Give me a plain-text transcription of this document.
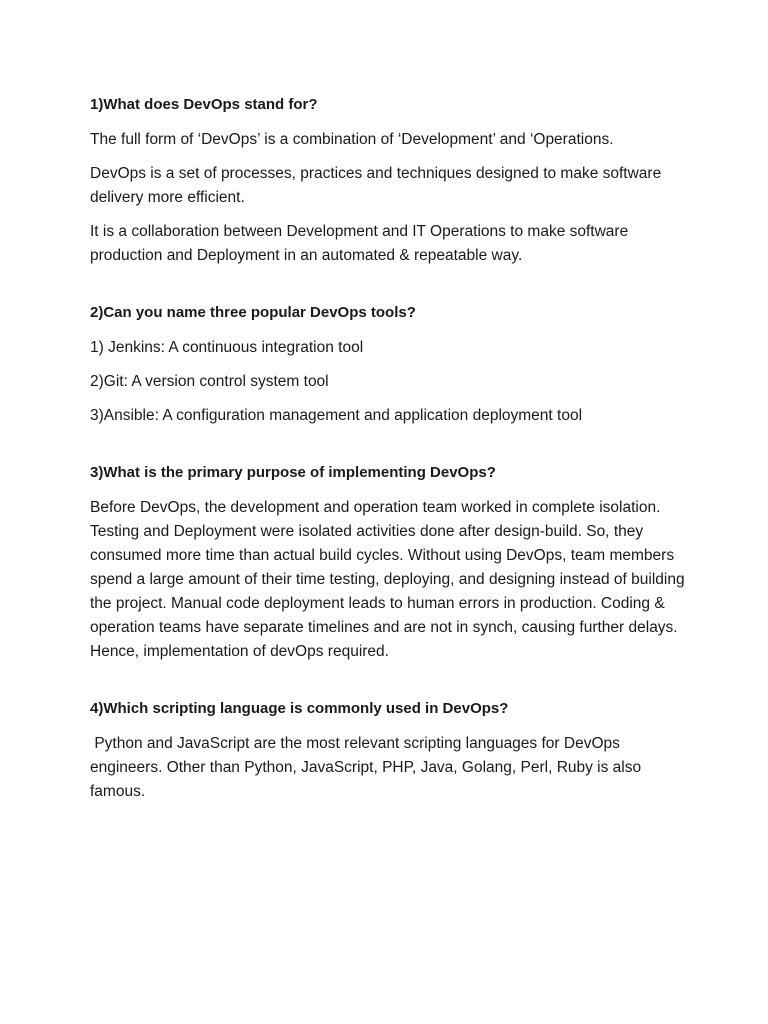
1)What does DevOps stand for?

The full form of ‘DevOps’ is a combination of ‘Development’ and ‘Operations.

DevOps is a set of processes, practices and techniques designed to make software delivery more efficient.

It is a collaboration between Development and IT Operations to make software production and Deployment in an automated & repeatable way.

2)Can you name three popular DevOps tools?
1) Jenkins: A continuous integration tool
2)Git: A version control system tool
3)Ansible: A configuration management and application deployment tool
3)What is the primary purpose of implementing DevOps?

Before DevOps, the development and operation team worked in complete isolation. Testing and Deployment were isolated activities done after design-build. So, they consumed more time than actual build cycles. Without using DevOps, team members spend a large amount of their time testing, deploying, and designing instead of building the project. Manual code deployment leads to human errors in production. Coding & operation teams have separate timelines and are not in synch, causing further delays. Hence, implementation of devOps required.

4)Which scripting language is commonly used in DevOps?

Python and JavaScript are the most relevant scripting languages for DevOps engineers. Other than Python, JavaScript, PHP, Java, Golang, Perl, Ruby is also famous.
